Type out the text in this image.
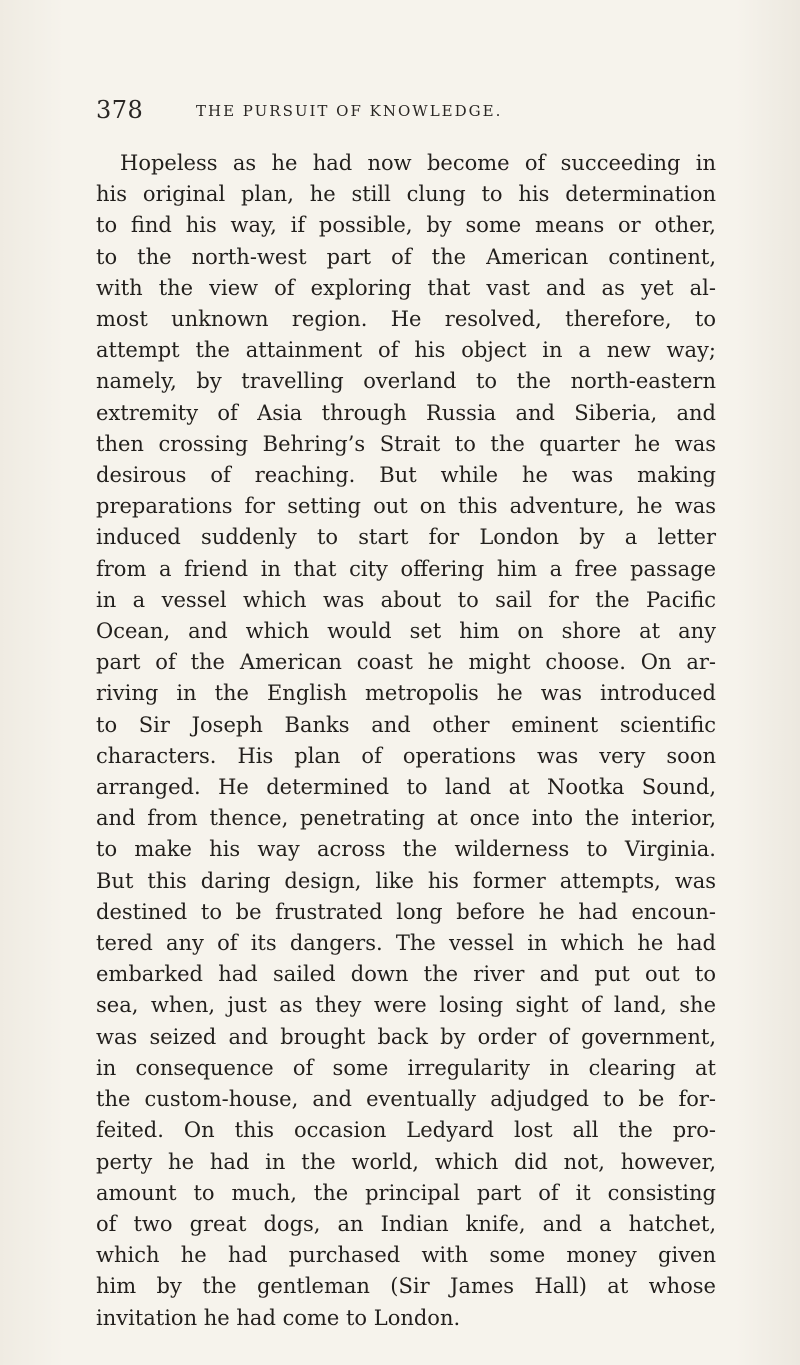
378	THE PURSUIT OF KNOWLEDGE.
Hopeless as he had now become of succeeding in
his original plan, he still clung to his determination
to find his way, if possible, by some means or other,
to the north-west part of the American continent,
with the view of exploring that vast and as yet al-
most unknown region. He resolved, therefore, to
attempt the attainment of his object in a new way;
namely, by travelling overland to the north-eastern
extremity of Asia through Russia and Siberia, and
then crossing Behring’s Strait to the quarter he was
desirous of reaching. But while he was making
preparations for setting out on this adventure, he was
induced suddenly to start for London by a letter
from a friend in that city offering him a free passage
in a vessel which was about to sail for the Pacific
Ocean, and which would set him on shore at any
part of the American coast he might choose. On ar-
riving in the English metropolis he was introduced
to Sir Joseph Banks and other eminent scientific
characters. His plan of operations was very soon
arranged. He determined to land at Nootka Sound,
and from thence, penetrating at once into the interior,
to make his way across the wilderness to Virginia.
But this daring design, like his former attempts, was
destined to be frustrated long before he had encoun-
tered any of its dangers. The vessel in which he had
embarked had sailed down the river and put out to
sea, when, just as they were losing sight of land, she
was seized and brought back by order of government,
in consequence of some irregularity in clearing at
the custom-house, and eventually adjudged to be for-
feited. On this occasion Ledyard lost all the pro-
perty he had in the world, which did not, however,
amount to much, the principal part of it consisting
of two great dogs, an Indian knife, and a hatchet,
which he had purchased with some money given
him by the gentleman (Sir James Hall) at whose
invitation he had come to London.
